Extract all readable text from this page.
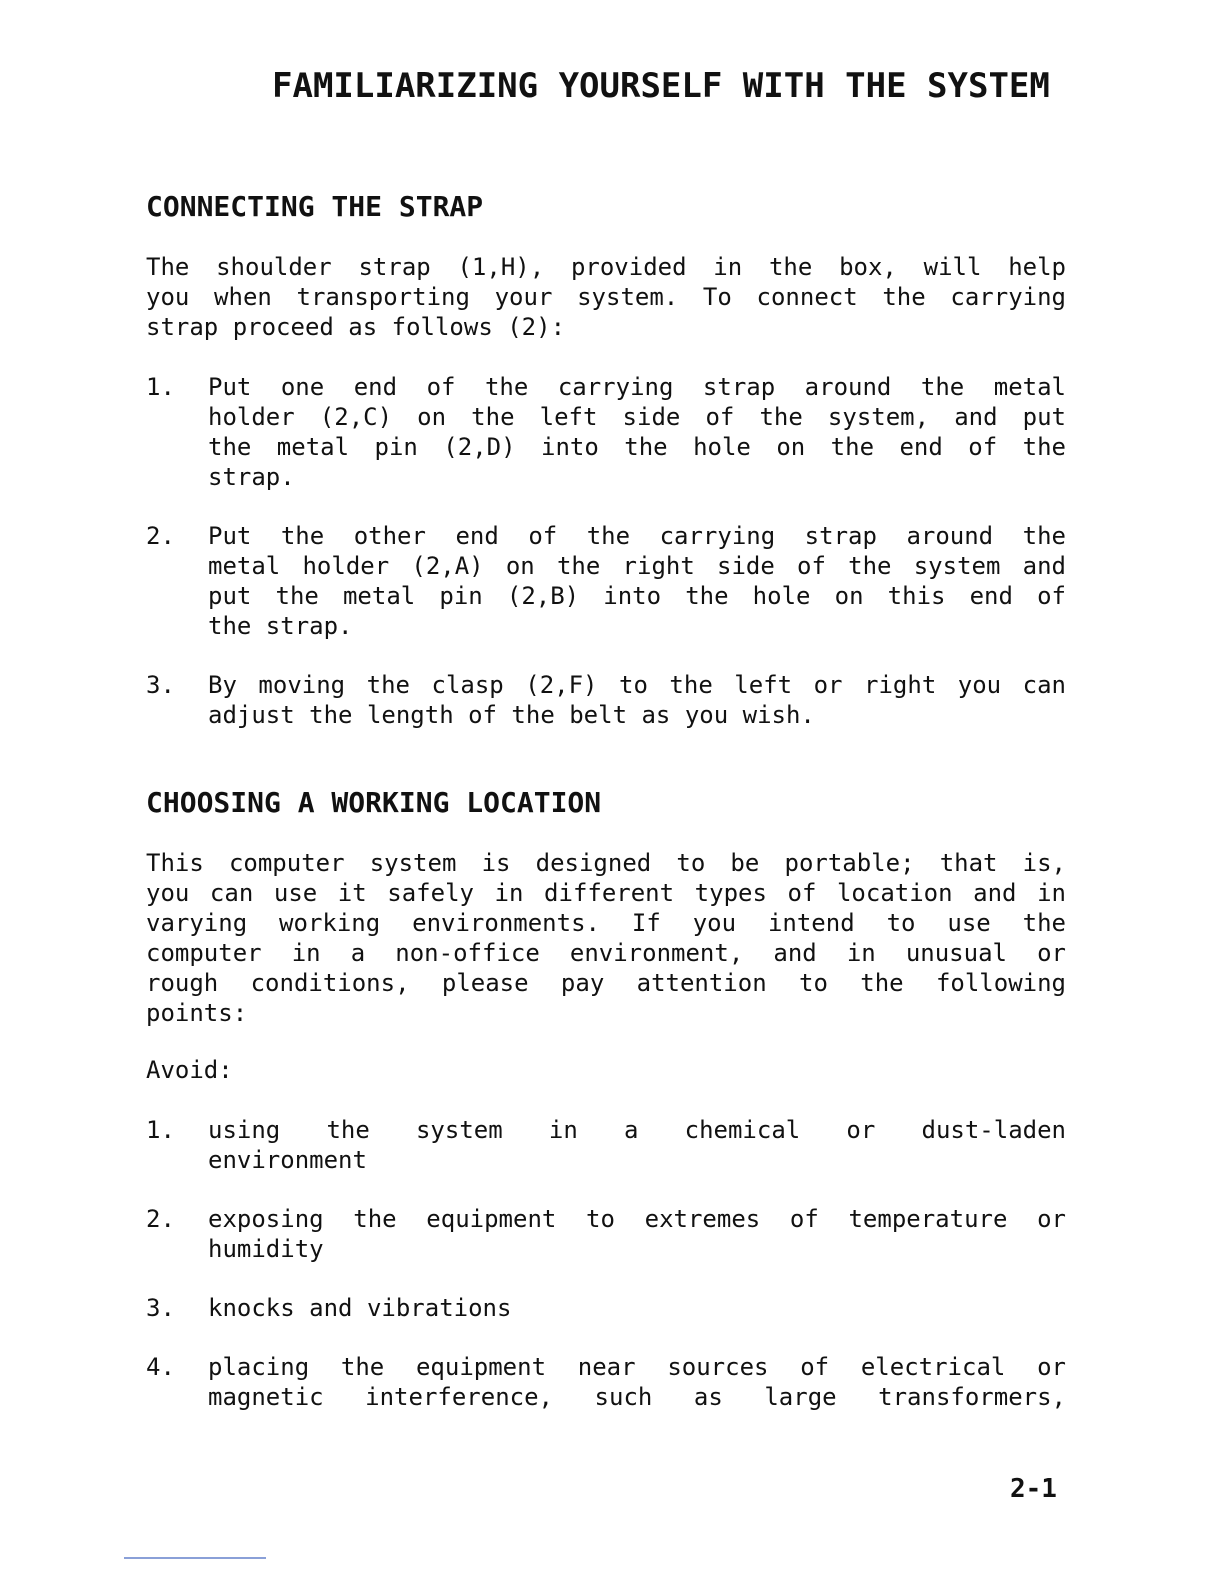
FAMILIARIZING YOURSELF WITH THE SYSTEM
CONNECTING THE STRAP
The shoulder strap (1,H), provided in the box, will help
you when transporting your system. To connect the carrying
strap proceed as follows (2):
1.	Put one end of the carrying strap around the metal
holder (2,C) on the left side of the system, and put
the metal pin (2,D) into the hole on the end of the
strap.
2.	Put the other end of the carrying strap around the
metal holder (2,A) on the right side of the system and
put the metal pin (2,B) into the hole on this end of
the strap.
3.	By moving the clasp (2,F) to the left or right you can
adjust the length of the belt as you wish.
CHOOSING A WORKING LOCATION
This computer system is designed to be portable; that is,
you can use it safely in different types of location and in
varying working environments. If you intend to use the
computer in a non-office environment, and in unusual or
rough conditions, please pay attention to the following
points:
Avoid:
1.	using the system in a chemical or dust-laden
environment
2.	exposing the equipment to extremes of temperature or
humidity
3.	knocks and vibrations
4.	placing the equipment near sources of electrical or
magnetic interference, such as large transformers,
2-1
